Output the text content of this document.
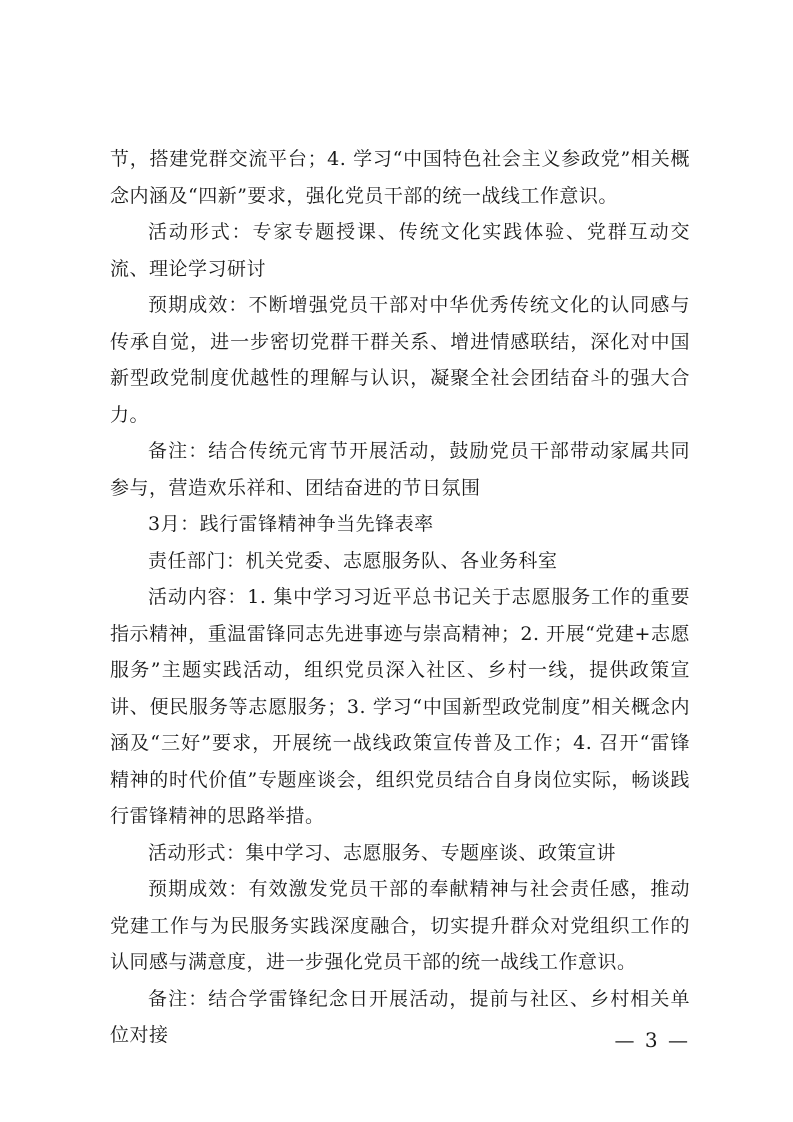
节，搭建党群交流平台；4. 学习“中国特色社会主义参政党”相关概念内涵及“四新”要求，强化党员干部的统一战线工作意识。

活动形式：专家专题授课、传统文化实践体验、党群互动交流、理论学习研讨

预期成效：不断增强党员干部对中华优秀传统文化的认同感与传承自觉，进一步密切党群干群关系、增进情感联结，深化对中国新型政党制度优越性的理解与认识，凝聚全社会团结奋斗的强大合力。

备注：结合传统元宵节开展活动，鼓励党员干部带动家属共同参与，营造欢乐祥和、团结奋进的节日氛围

3月：践行雷锋精神争当先锋表率

责任部门：机关党委、志愿服务队、各业务科室

活动内容：1. 集中学习习近平总书记关于志愿服务工作的重要指示精神，重温雷锋同志先进事迹与崇高精神；2. 开展“党建+志愿服务”主题实践活动，组织党员深入社区、乡村一线，提供政策宣讲、便民服务等志愿服务；3. 学习“中国新型政党制度”相关概念内涵及“三好”要求，开展统一战线政策宣传普及工作；4. 召开“雷锋精神的时代价值”专题座谈会，组织党员结合自身岗位实际，畅谈践行雷锋精神的思路举措。

活动形式：集中学习、志愿服务、专题座谈、政策宣讲

预期成效：有效激发党员干部的奉献精神与社会责任感，推动党建工作与为民服务实践深度融合，切实提升群众对党组织工作的认同感与满意度，进一步强化党员干部的统一战线工作意识。

备注：结合学雷锋纪念日开展活动，提前与社区、乡村相关单位对接	— 3 —
